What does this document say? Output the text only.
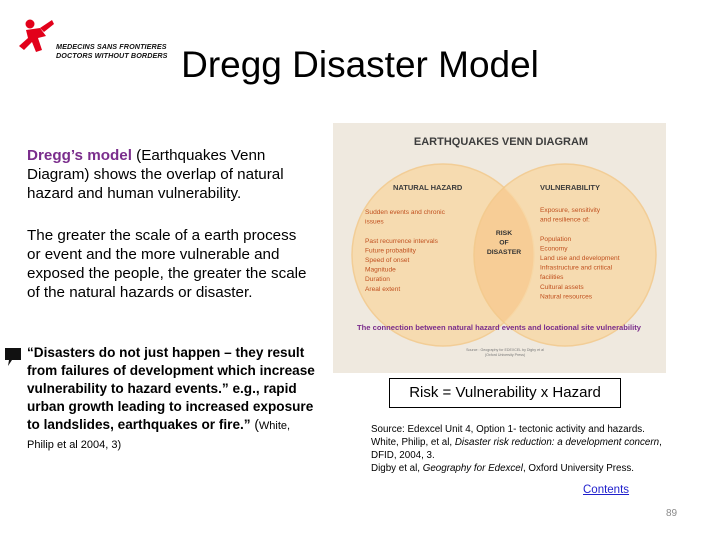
MEDECINS SANS FRONTIERES
DOCTORS WITHOUT BORDERS Dregg Disaster Model
Dregg’s model (Earthquakes Venn Diagram) shows the overlap of natural hazard and human vulnerability.
The greater the scale of a earth process or event and the more vulnerable and exposed the people, the greater the scale of the natural hazards or disaster.
“Disasters do not just happen – they result from failures of development which increase vulnerability to hazard events.” e.g., rapid urban growth leading to increased exposure to landslides, earthquakes or fire.” (White, Philip et al 2004, 3)
EARTHQUAKES VENN DIAGRAM
NATURAL HAZARD	VULNERABILITY
Sudden events and chronic
issues
Past recurrence intervals
Future probability
Speed of onset
Magnitude
Duration
Areal extent
Exposure, sensitivity
and resilience of:
Population
Economy
Land use and development
Infrastructure and critical
facilities
Cultural assets
Natural resources
RISK
OF
DISASTER
The connection between natural hazard events and locational site vulnerability
Source : Geography for EDEXCEL by Digby et al
(Oxford University Press)
Risk = Vulnerability x Hazard
Source: Edexcel Unit 4, Option 1- tectonic activity and hazards.
White, Philip, et al, Disaster risk reduction: a development concern,
DFID, 2004, 3.
Digby et al, Geography for Edexcel, Oxford University Press.
Contents
89
